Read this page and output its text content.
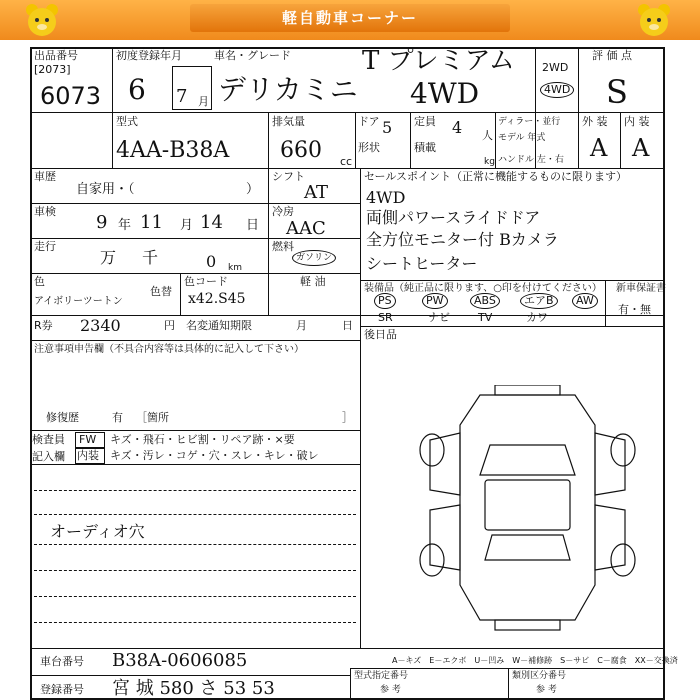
軽自動車コーナー
出品番号
[2073]
6073
初度登録年月
6 7 月
車名・グレード	T プレミアム
デリカミニ 4WD
2WD
4WD
評 価 点
S
型式
4AA-B38A
排気量
660 cc
ドア 5
形状
定員 4 人
積載
kg
ディラー・並行
モデル 年式
ハンドル 左・右
外 装 内 装
A A
車歴
自家用・（	）
シフト
AT
車検
9 年 11 月 14 日
冷房
AAC
走行
万 千	0 km
燃料
ガソリン
軽 油
色
アイボリーツートン
色替
色コード
x42.S45
R券 2340	円 名変通知期限	月	日
注意事項申告欄（不具合内容等は具体的に記入して下さい）
修復歴	有 ［箇所	］
検査員
記入欄
FW
内装
キズ・飛石・ヒビ割・リペア跡・×要
キズ・汚レ・コゲ・穴・スレ・キレ・破レ
オーディオ穴
セールスポイント（正常に機能するものに限ります）
4WD
両側パワースライドドア
全方位モニター付 Bカメラ
シートヒーター
装備品（純正品に限ります、○印を付けてください） 新車保証書
有・無
PS	PW	ABS	エアB	AW
SR	ナビ	TV	カワ
後日品
A－キズ　E－エクボ　U－凹み　W－補修跡　S－サビ　C－腐食　XX－交換済
型式指定番号	類別区分番号
参 考	参 考
車台番号 B38A-0606085
登録番号 宮 城 580 さ 53 53
